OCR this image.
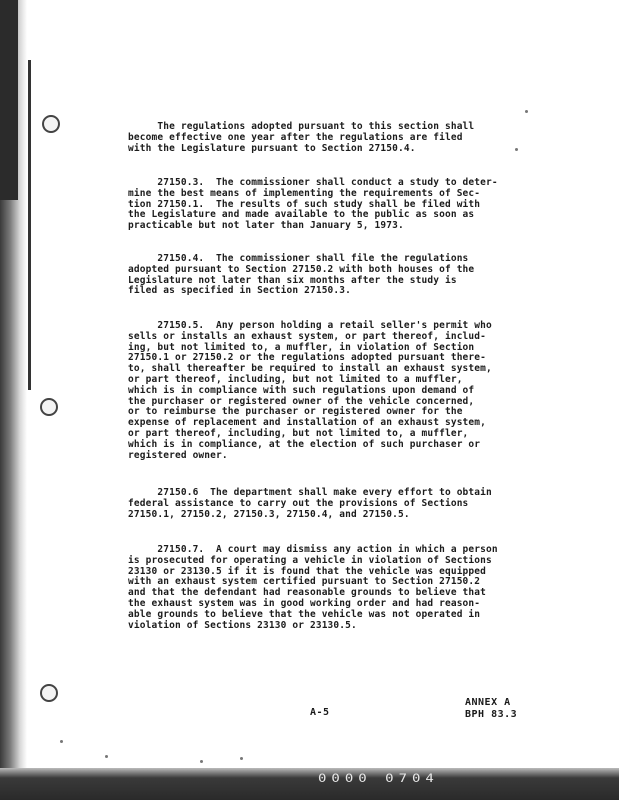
The regulations adopted pursuant to this section shall
become effective one year after the regulations are filed
with the Legislature pursuant to Section 27150.4.

27150.3.  The commissioner shall conduct a study to deter-
mine the best means of implementing the requirements of Sec-
tion 27150.1.  The results of such study shall be filed with
the Legislature and made available to the public as soon as
practicable but not later than January 5, 1973.

27150.4.  The commissioner shall file the regulations
adopted pursuant to Section 27150.2 with both houses of the
Legislature not later than six months after the study is
filed as specified in Section 27150.3.

27150.5.  Any person holding a retail seller's permit who
sells or installs an exhaust system, or part thereof, includ-
ing, but not limited to, a muffler, in violation of Section
27150.1 or 27150.2 or the regulations adopted pursuant there-
to, shall thereafter be required to install an exhaust system,
or part thereof, including, but not limited to a muffler,
which is in compliance with such regulations upon demand of
the purchaser or registered owner of the vehicle concerned,
or to reimburse the purchaser or registered owner for the
expense of replacement and installation of an exhaust system,
or part thereof, including, but not limited to, a muffler,
which is in compliance, at the election of such purchaser or
registered owner.

27150.6  The department shall make every effort to obtain
federal assistance to carry out the provisions of Sections
27150.1, 27150.2, 27150.3, 27150.4, and 27150.5.

27150.7.  A court may dismiss any action in which a person
is prosecuted for operating a vehicle in violation of Sections
23130 or 23130.5 if it is found that the vehicle was equipped
with an exhaust system certified pursuant to Section 27150.2
and that the defendant had reasonable grounds to believe that
the exhaust system was in good working order and had reason-
able grounds to believe that the vehicle was not operated in
violation of Sections 23130 or 23130.5.

A-5
ANNEX A
BPH 83.3
0000 0704
